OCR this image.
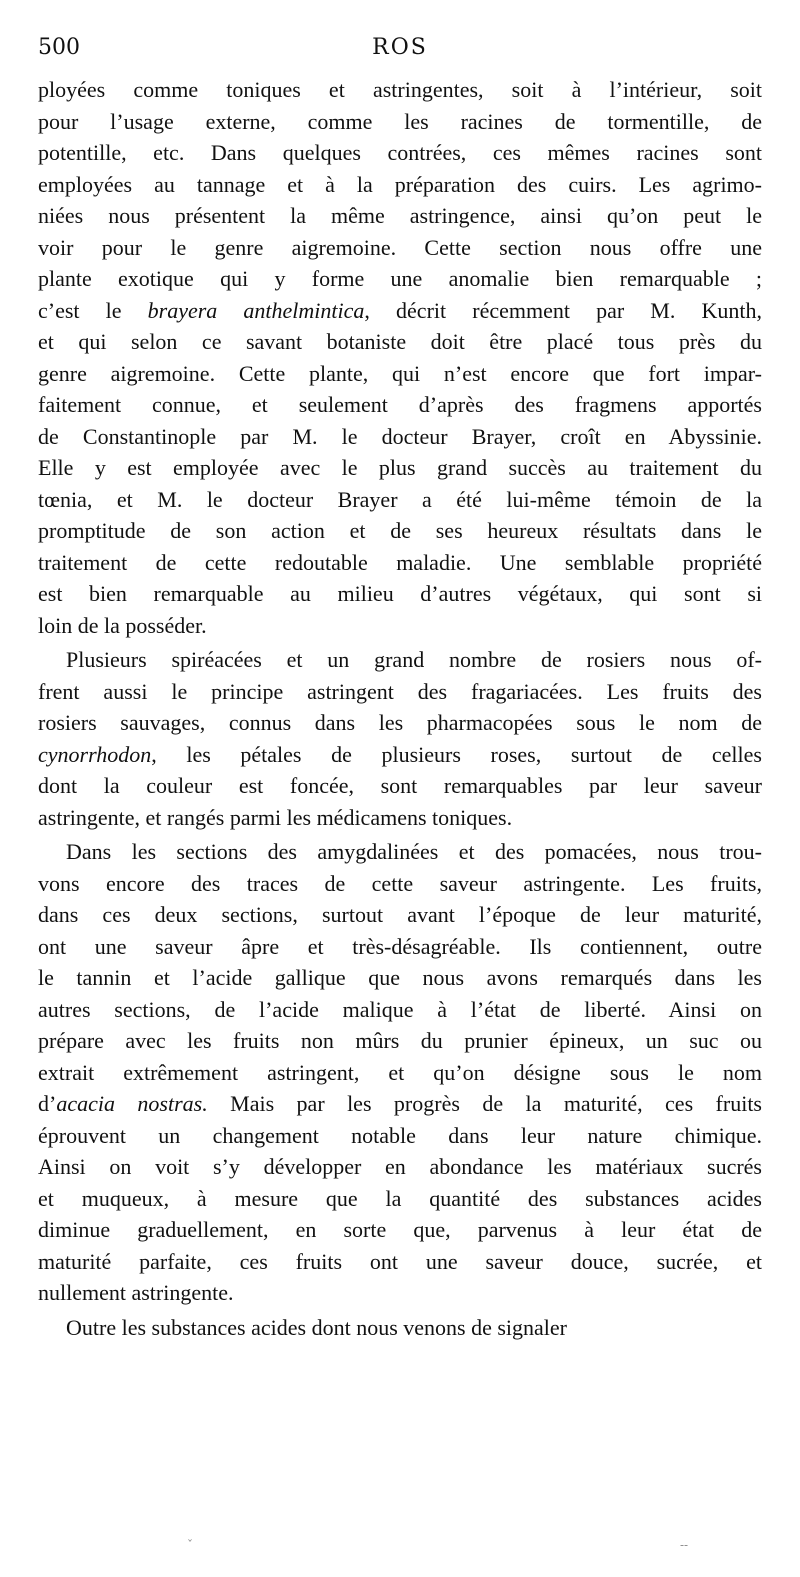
500	ROS
ployées comme toniques et astringentes, soit à l’intérieur, soit
pour l’usage externe, comme les racines de tormentille, de
potentille, etc. Dans quelques contrées, ces mêmes racines sont
employées au tannage et à la préparation des cuirs. Les agrimo-
niées nous présentent la même astringence, ainsi qu’on peut le
voir pour le genre aigremoine. Cette section nous offre une
plante exotique qui y forme une anomalie bien remarquable ;
c’est le brayera anthelmintica, décrit récemment par M. Kunth,
et qui selon ce savant botaniste doit être placé tous près du
genre aigremoine. Cette plante, qui n’est encore que fort impar-
faitement connue, et seulement d’après des fragmens apportés
de Constantinople par M. le docteur Brayer, croît en Abyssinie.
Elle y est employée avec le plus grand succès au traitement du
tœnia, et M. le docteur Brayer a été lui-même témoin de la
promptitude de son action et de ses heureux résultats dans le
traitement de cette redoutable maladie. Une semblable propriété
est bien remarquable au milieu d’autres végétaux, qui sont si
loin de la posséder.
Plusieurs spiréacées et un grand nombre de rosiers nous of-
frent aussi le principe astringent des fragariacées. Les fruits des
rosiers sauvages, connus dans les pharmacopées sous le nom de
cynorrhodon, les pétales de plusieurs roses, surtout de celles
dont la couleur est foncée, sont remarquables par leur saveur
astringente, et rangés parmi les médicamens toniques.
Dans les sections des amygdalinées et des pomacées, nous trou-
vons encore des traces de cette saveur astringente. Les fruits,
dans ces deux sections, surtout avant l’époque de leur maturité,
ont une saveur âpre et très-désagréable. Ils contiennent, outre
le tannin et l’acide gallique que nous avons remarqués dans les
autres sections, de l’acide malique à l’état de liberté. Ainsi on
prépare avec les fruits non mûrs du prunier épineux, un suc ou
extrait extrêmement astringent, et qu’on désigne sous le nom
d’acacia nostras. Mais par les progrès de la maturité, ces fruits
éprouvent un changement notable dans leur nature chimique.
Ainsi on voit s’y développer en abondance les matériaux sucrés
et muqueux, à mesure que la quantité des substances acides
diminue graduellement, en sorte que, parvenus à leur état de
maturité parfaite, ces fruits ont une saveur douce, sucrée, et
nullement astringente.
Outre les substances acides dont nous venons de signaler
ˇ	‐‐
